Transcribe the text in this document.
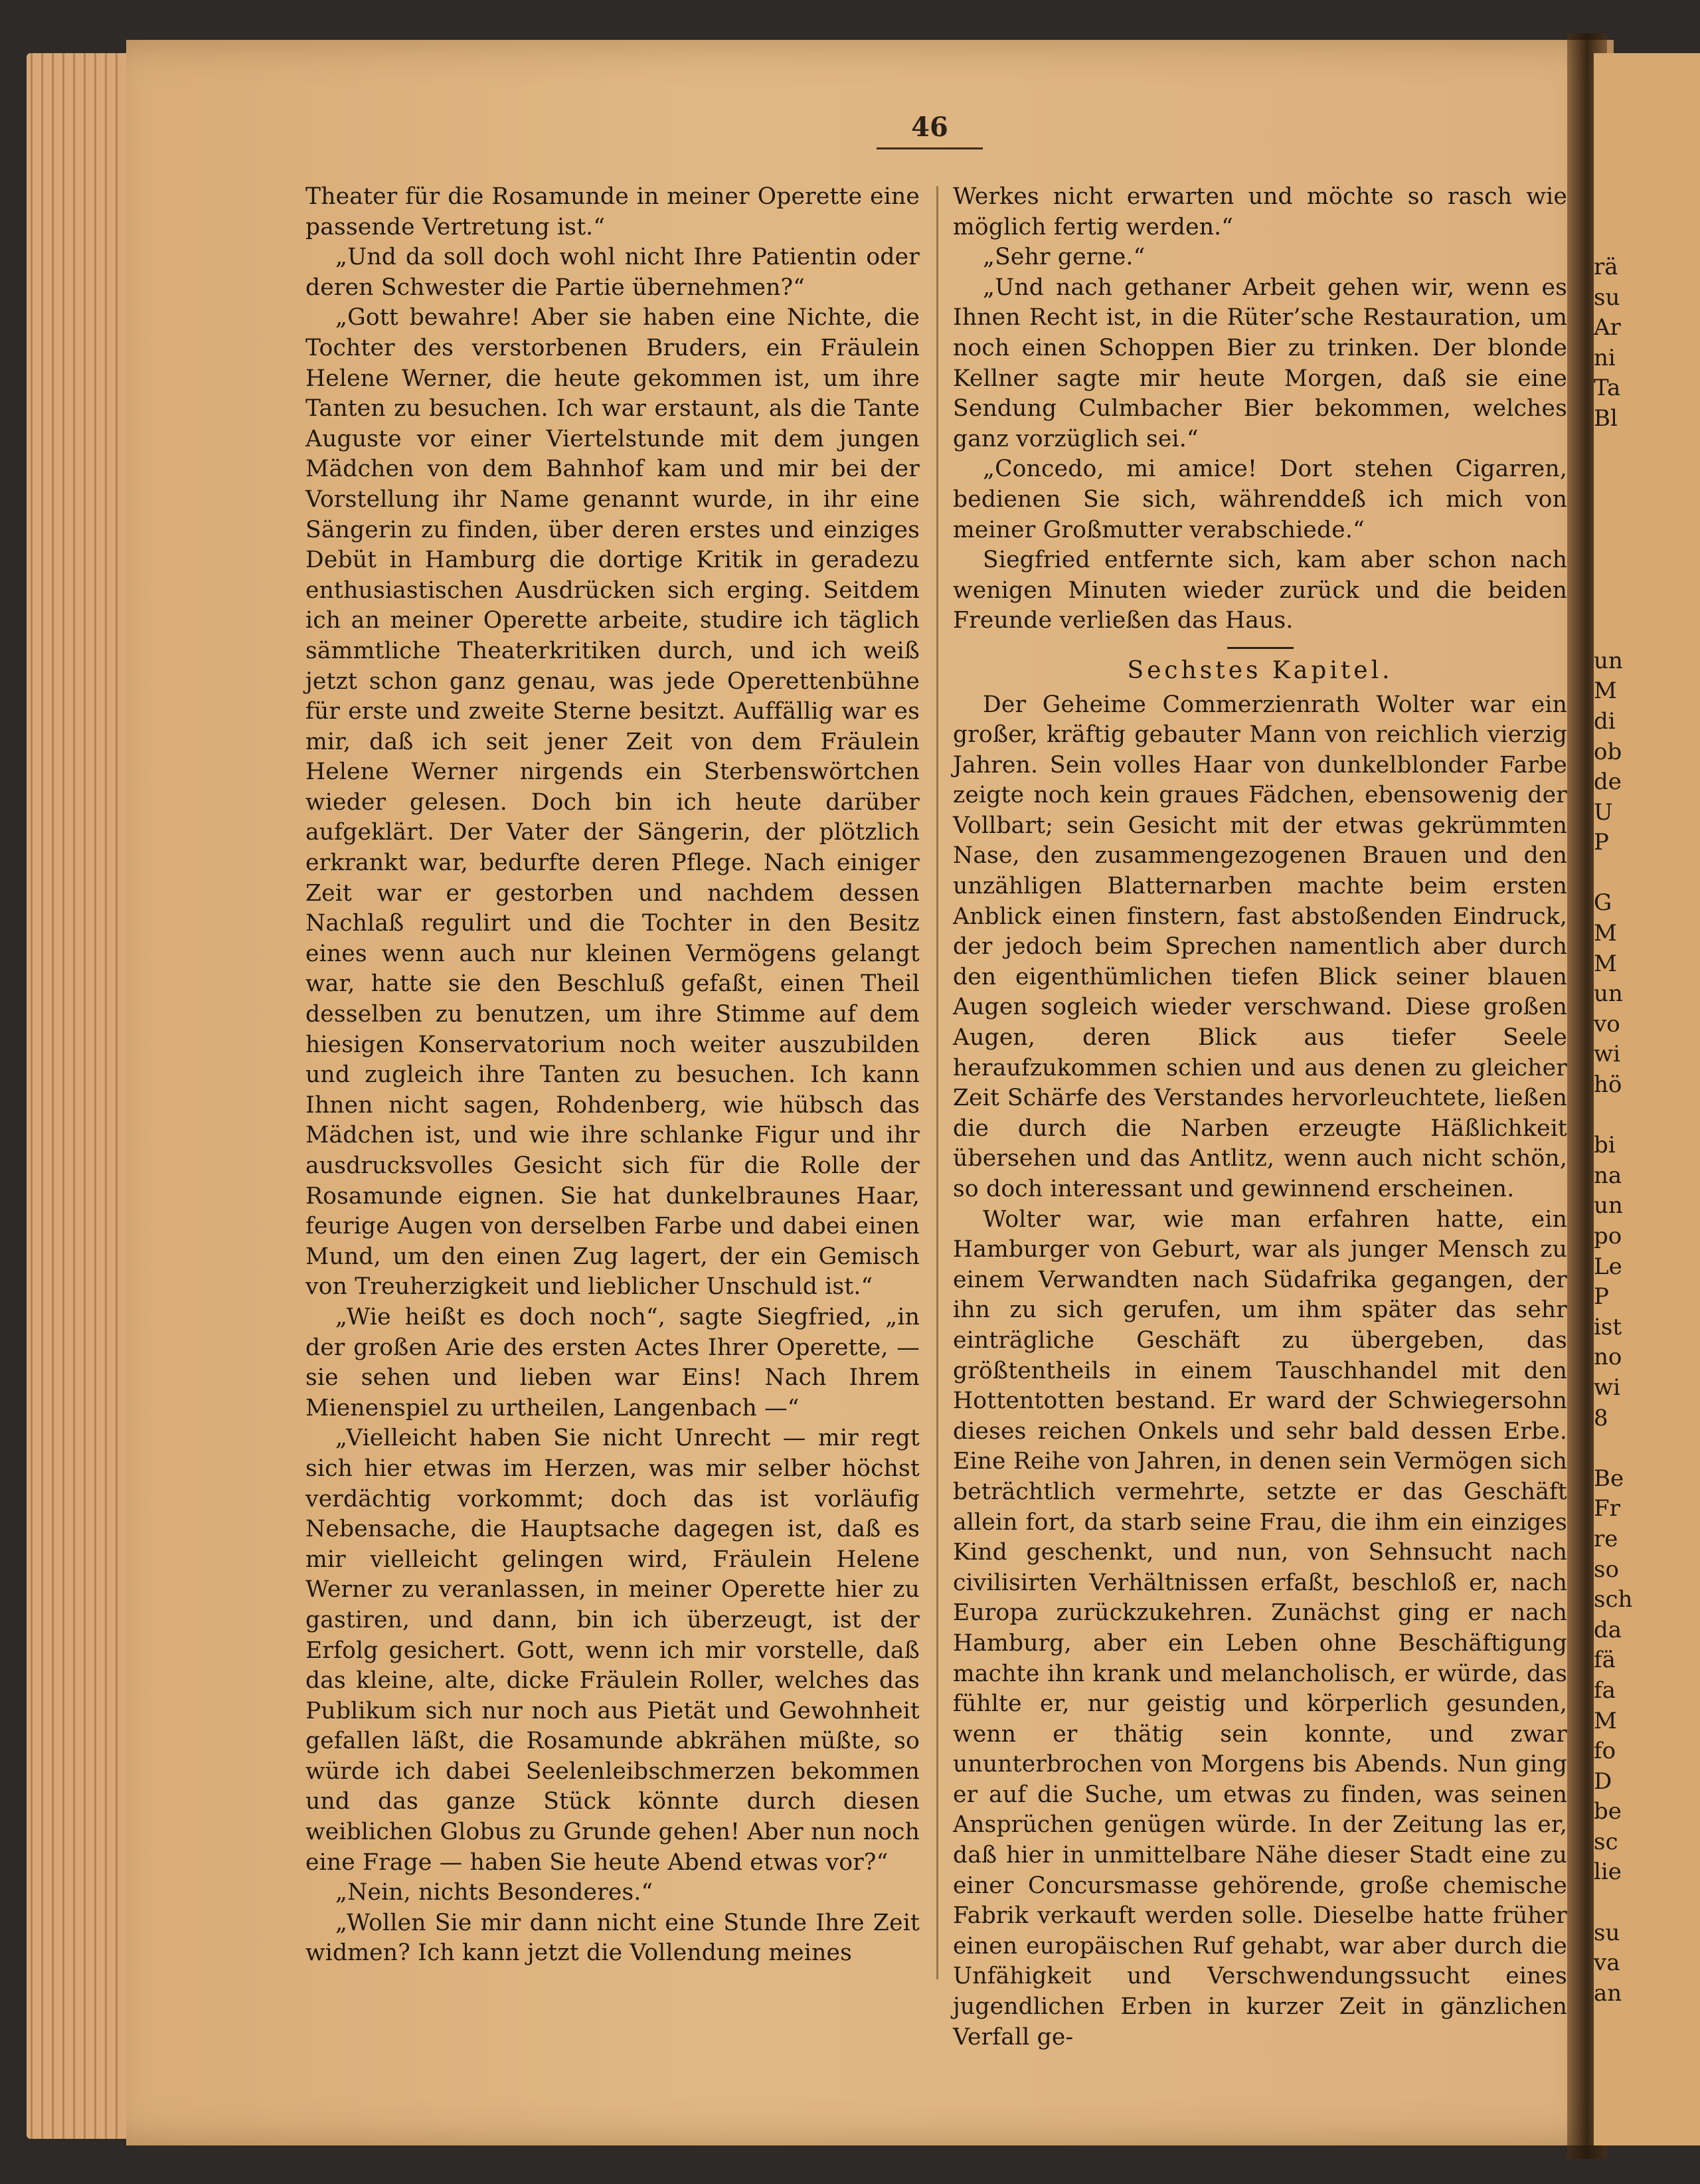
rä
su
Ar
ni
Ta
Bl

un
M
di
ob
de
U
P

G
M
M
un
vo
wi
hö

bi
na
un
po
Le
P
ist
no
wi
8

Be
Fr
re
so
sch
da
fä
fa
M
fo
D
be
sc
lie

su
va
an
46

Theater für die Rosamunde in meiner Operette eine passende Vertretung ist.“

„Und da soll doch wohl nicht Ihre Patientin oder deren Schwester die Partie übernehmen?“

„Gott bewahre! Aber sie haben eine Nichte, die Tochter des verstorbenen Bruders, ein Fräulein Helene Werner, die heute gekommen ist, um ihre Tanten zu besuchen. Ich war erstaunt, als die Tante Auguste vor einer Viertelstunde mit dem jungen Mädchen von dem Bahnhof kam und mir bei der Vorstellung ihr Name genannt wurde, in ihr eine Sängerin zu finden, über deren erstes und einziges Debüt in Hamburg die dortige Kritik in geradezu enthusiastischen Ausdrücken sich erging. Seitdem ich an meiner Operette arbeite, studire ich täglich sämmtliche Theaterkritiken durch, und ich weiß jetzt schon ganz genau, was jede Operettenbühne für erste und zweite Sterne besitzt. Auffällig war es mir, daß ich seit jener Zeit von dem Fräulein Helene Werner nirgends ein Sterbenswörtchen wieder gelesen. Doch bin ich heute darüber aufgeklärt. Der Vater der Sängerin, der plötzlich erkrankt war, bedurfte deren Pflege. Nach einiger Zeit war er gestorben und nachdem dessen Nachlaß regulirt und die Tochter in den Besitz eines wenn auch nur kleinen Vermögens gelangt war, hatte sie den Beschluß gefaßt, einen Theil desselben zu benutzen, um ihre Stimme auf dem hiesigen Konservatorium noch weiter auszubilden und zugleich ihre Tanten zu besuchen. Ich kann Ihnen nicht sagen, Rohdenberg, wie hübsch das Mädchen ist, und wie ihre schlanke Figur und ihr ausdrucksvolles Gesicht sich für die Rolle der Rosamunde eignen. Sie hat dunkelbraunes Haar, feurige Augen von derselben Farbe und dabei einen Mund, um den einen Zug lagert, der ein Gemisch von Treuherzigkeit und lieblicher Unschuld ist.“

„Wie heißt es doch noch“, sagte Siegfried, „in der großen Arie des ersten Actes Ihrer Operette, — sie sehen und lieben war Eins! Nach Ihrem Mienenspiel zu urtheilen, Langenbach —“

„Vielleicht haben Sie nicht Unrecht — mir regt sich hier etwas im Herzen, was mir selber höchst verdächtig vorkommt; doch das ist vorläufig Nebensache, die Hauptsache dagegen ist, daß es mir vielleicht gelingen wird, Fräulein Helene Werner zu veranlassen, in meiner Operette hier zu gastiren, und dann, bin ich überzeugt, ist der Erfolg gesichert. Gott, wenn ich mir vorstelle, daß das kleine, alte, dicke Fräulein Roller, welches das Publikum sich nur noch aus Pietät und Gewohnheit gefallen läßt, die Rosamunde abkrähen müßte, so würde ich dabei Seelenleibschmerzen bekommen und das ganze Stück könnte durch diesen weiblichen Globus zu Grunde gehen! Aber nun noch eine Frage — haben Sie heute Abend etwas vor?“

„Nein, nichts Besonderes.“

„Wollen Sie mir dann nicht eine Stunde Ihre Zeit widmen? Ich kann jetzt die Vollendung meines

Werkes nicht erwarten und möchte so rasch wie möglich fertig werden.“

„Sehr gerne.“

„Und nach gethaner Arbeit gehen wir, wenn es Ihnen Recht ist, in die Rüter’sche Restauration, um noch einen Schoppen Bier zu trinken. Der blonde Kellner sagte mir heute Morgen, daß sie eine Sendung Culmbacher Bier bekommen, welches ganz vorzüglich sei.“

„Concedo, mi amice! Dort stehen Cigarren, bedienen Sie sich, währenddeß ich mich von meiner Großmutter verabschiede.“

Siegfried entfernte sich, kam aber schon nach wenigen Minuten wieder zurück und die beiden Freunde verließen das Haus.

Sechstes Kapitel.

Der Geheime Commerzienrath Wolter war ein großer, kräftig gebauter Mann von reichlich vierzig Jahren. Sein volles Haar von dunkelblonder Farbe zeigte noch kein graues Fädchen, ebensowenig der Vollbart; sein Gesicht mit der etwas gekrümmten Nase, den zusammengezogenen Brauen und den unzähligen Blatternarben machte beim ersten Anblick einen finstern, fast abstoßenden Eindruck, der jedoch beim Sprechen namentlich aber durch den eigenthümlichen tiefen Blick seiner blauen Augen sogleich wieder verschwand. Diese großen Augen, deren Blick aus tiefer Seele heraufzukommen schien und aus denen zu gleicher Zeit Schärfe des Verstandes hervorleuchtete, ließen die durch die Narben erzeugte Häßlichkeit übersehen und das Antlitz, wenn auch nicht schön, so doch interessant und gewinnend erscheinen.

Wolter war, wie man erfahren hatte, ein Hamburger von Geburt, war als junger Mensch zu einem Verwandten nach Südafrika gegangen, der ihn zu sich gerufen, um ihm später das sehr einträgliche Geschäft zu übergeben, das größtentheils in einem Tauschhandel mit den Hottentotten bestand. Er ward der Schwiegersohn dieses reichen Onkels und sehr bald dessen Erbe. Eine Reihe von Jahren, in denen sein Vermögen sich beträchtlich vermehrte, setzte er das Geschäft allein fort, da starb seine Frau, die ihm ein einziges Kind geschenkt, und nun, von Sehnsucht nach civilisirten Verhältnissen erfaßt, beschloß er, nach Europa zurückzukehren. Zunächst ging er nach Hamburg, aber ein Leben ohne Beschäftigung machte ihn krank und melancholisch, er würde, das fühlte er, nur geistig und körperlich gesunden, wenn er thätig sein konnte, und zwar ununterbrochen von Morgens bis Abends. Nun ging er auf die Suche, um etwas zu finden, was seinen Ansprüchen genügen würde. In der Zeitung las er, daß hier in unmittelbare Nähe dieser Stadt eine zu einer Concursmasse gehörende, große chemische Fabrik verkauft werden solle. Dieselbe hatte früher einen europäischen Ruf gehabt, war aber durch die Unfähigkeit und Verschwendungssucht eines jugendlichen Erben in kurzer Zeit in gänzlichen Verfall ge-
